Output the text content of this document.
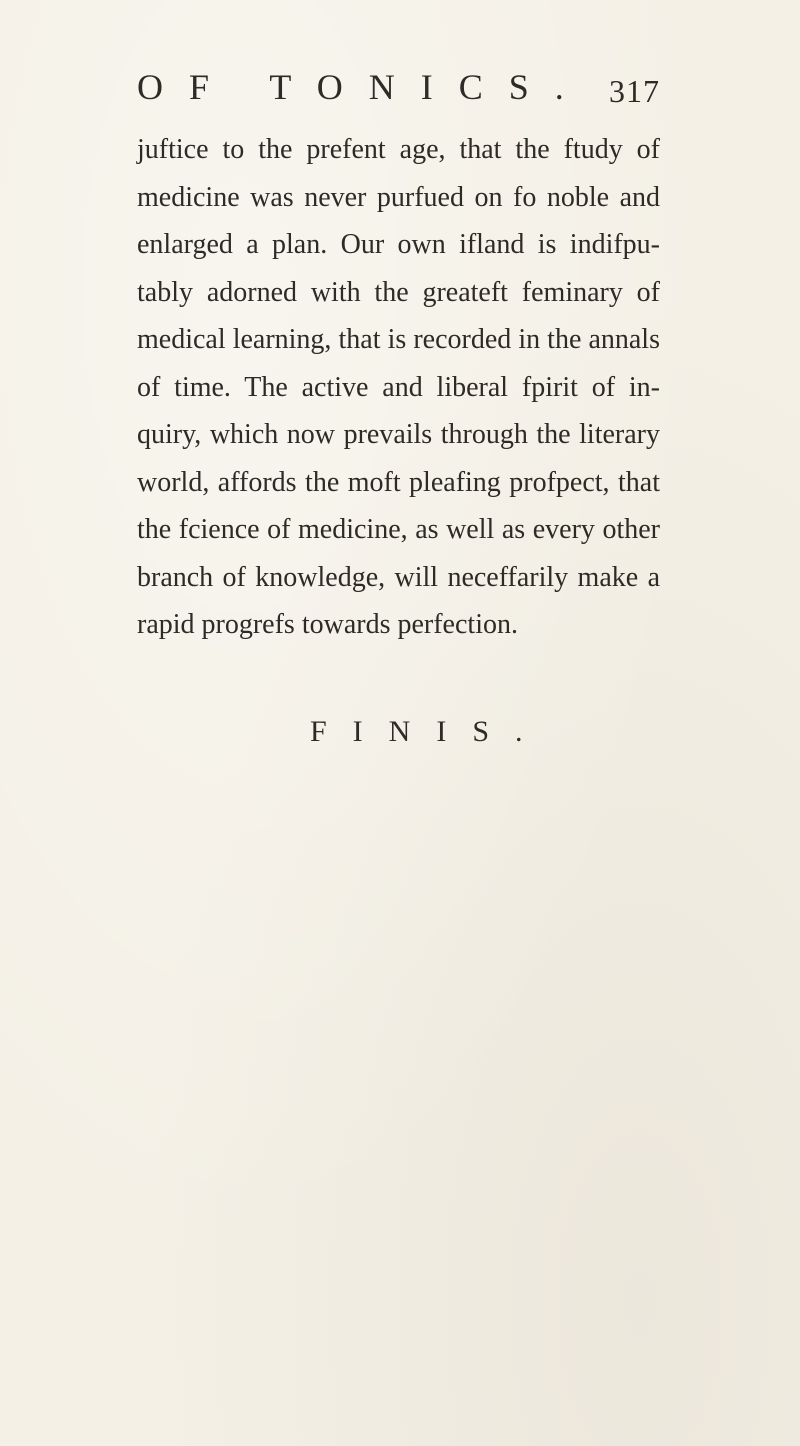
OF TONICS. 317
juftice to the prefent age, that the ftudy of
medicine was never purfued on fo noble and
enlarged a plan. Our own ifland is indifpu-
tably adorned with the greateft feminary of
medical learning, that is recorded in the annals
of time. The active and liberal fpirit of in-
quiry, which now prevails through the literary
world, affords the moft pleafing profpect, that
the fcience of medicine, as well as every other
branch of knowledge, will neceffarily make a
rapid progrefs towards perfection.
FINIS.
